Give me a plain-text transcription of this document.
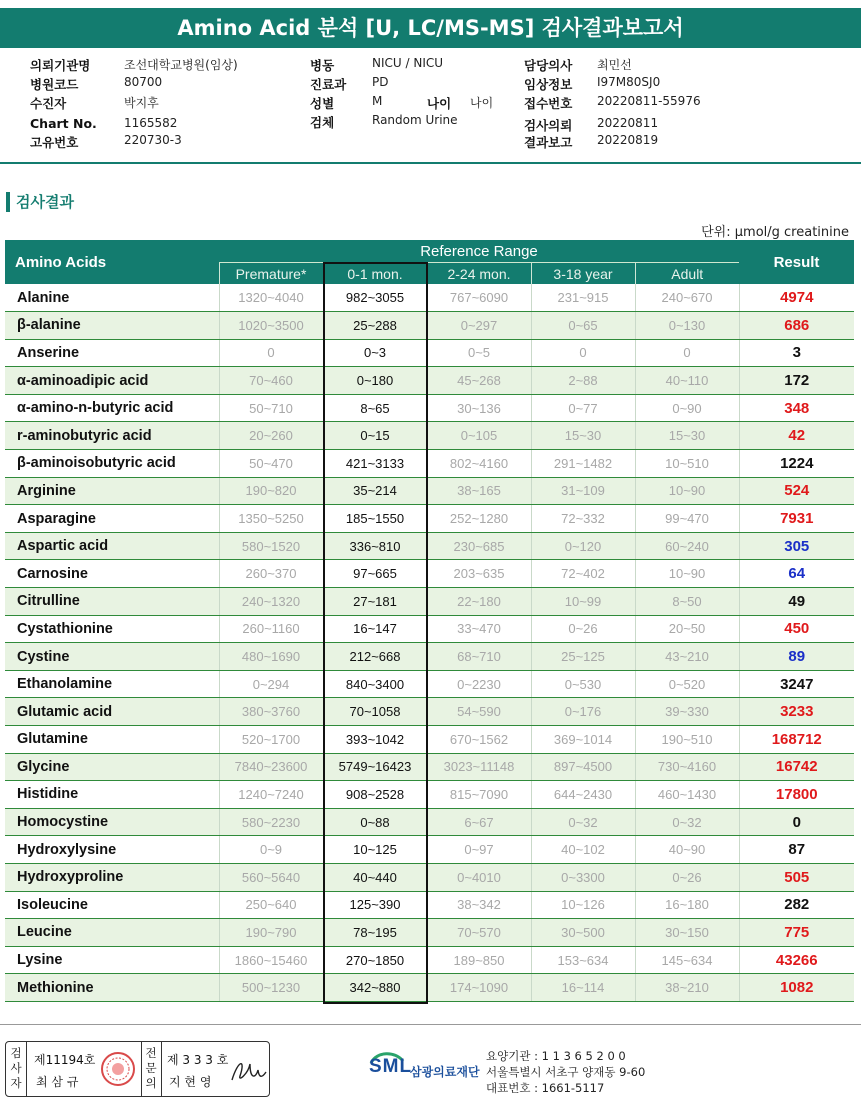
Amino Acid 분석 [U, LC/MS-MS] 검사결과보고서
의뢰기관명	조선대학교병원(임상)
병원코드	80700
수진자	박지후
Chart No. 1165582
고유번호	220730-3
병동	NICU / NICU
진료과 PD
성별	M	나이 나이
검체	Random Urine
담당의사 최민선
임상정보 I97M80SJ0
접수번호 20220811-55976
검사의뢰 20220811
결과보고 20220819
검사결과
단위: μmol/g creatinine
Amino Acids	Reference Range					Result
	Premature*	0-1 mon.	2-24 mon.	3-18 year	Adult	
Alanine	1320~4040	982~3055	767~6090	231~915	240~670	4974
β-alanine	1020~3500	25~288	0~297	0~65	0~130	686
Anserine	0	0~3	0~5	0	0	3
α-aminoadipic acid	70~460	0~180	45~268	2~88	40~110	172
α-amino-n-butyric acid	50~710	8~65	30~136	0~77	0~90	348
r-aminobutyric acid	20~260	0~15	0~105	15~30	15~30	42
β-aminoisobutyric acid	50~470	421~3133	802~4160	291~1482	10~510	1224
Arginine	190~820	35~214	38~165	31~109	10~90	524
Asparagine	1350~5250	185~1550	252~1280	72~332	99~470	7931
Aspartic acid	580~1520	336~810	230~685	0~120	60~240	305
Carnosine	260~370	97~665	203~635	72~402	10~90	64
Citrulline	240~1320	27~181	22~180	10~99	8~50	49
Cystathionine	260~1160	16~147	33~470	0~26	20~50	450
Cystine	480~1690	212~668	68~710	25~125	43~210	89
Ethanolamine	0~294	840~3400	0~2230	0~530	0~520	3247
Glutamic acid	380~3760	70~1058	54~590	0~176	39~330	3233
Glutamine	520~1700	393~1042	670~1562	369~1014	190~510	168712
Glycine	7840~23600	5749~16423	3023~11148	897~4500	730~4160	16742
Histidine	1240~7240	908~2528	815~7090	644~2430	460~1430	17800
Homocystine	580~2230	0~88	6~67	0~32	0~32	0
Hydroxylysine	0~9	10~125	0~97	40~102	40~90	87
Hydroxyproline	560~5640	40~440	0~4010	0~3300	0~26	505
Isoleucine	250~640	125~390	38~342	10~126	16~180	282
Leucine	190~790	78~195	70~570	30~500	30~150	775
Lysine	1860~15460	270~1850	189~850	153~634	145~634	43266
Methionine	500~1230	342~880	174~1090	16~114	38~210	1082
검사자
제11194호
최 삼 규
전문의
제 3 3 3 호
지 현 영
SML
삼광의료재단
요양기관 : 1 1 3 6 5 2 0 0
서울특별시 서초구 양재동 9-60
대표번호 : 1661-5117
